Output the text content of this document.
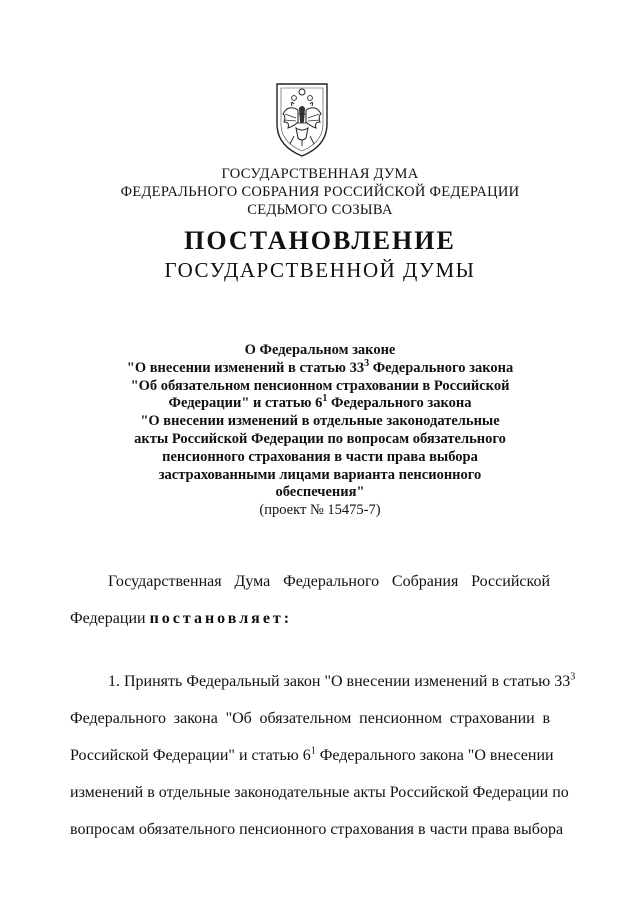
ГОСУДАРСТВЕННАЯ ДУМА
ФЕДЕРАЛЬНОГО СОБРАНИЯ РОССИЙСКОЙ ФЕДЕРАЦИИ
СЕДЬМОГО СОЗЫВА
ПОСТАНОВЛЕНИЕ
ГОСУДАРСТВЕННОЙ ДУМЫ
О Федеральном законе
"О внесении изменений в статью $33^3$ Федерального закона
"Об обязательном пенсионном страховании в Российской
Федерации" и статью $6^1$ Федерального закона
"О внесении изменений в отдельные законодательные
акты Российской Федерации по вопросам обязательного
пенсионного страхования в части права выбора
застрахованными лицами варианта пенсионного
обеспечения"
(проект № 15475-7)
Государственная Дума Федерального Собрания Российской
Федерации постановляет:
1. Принять Федеральный закон "О внесении изменений в статью $33^3$
Федерального закона "Об обязательном пенсионном страховании в
Российской Федерации" и статью $6^1$ Федерального закона "О внесении
изменений в отдельные законодательные акты Российской Федерации по
вопросам обязательного пенсионного страхования в части права выбора
